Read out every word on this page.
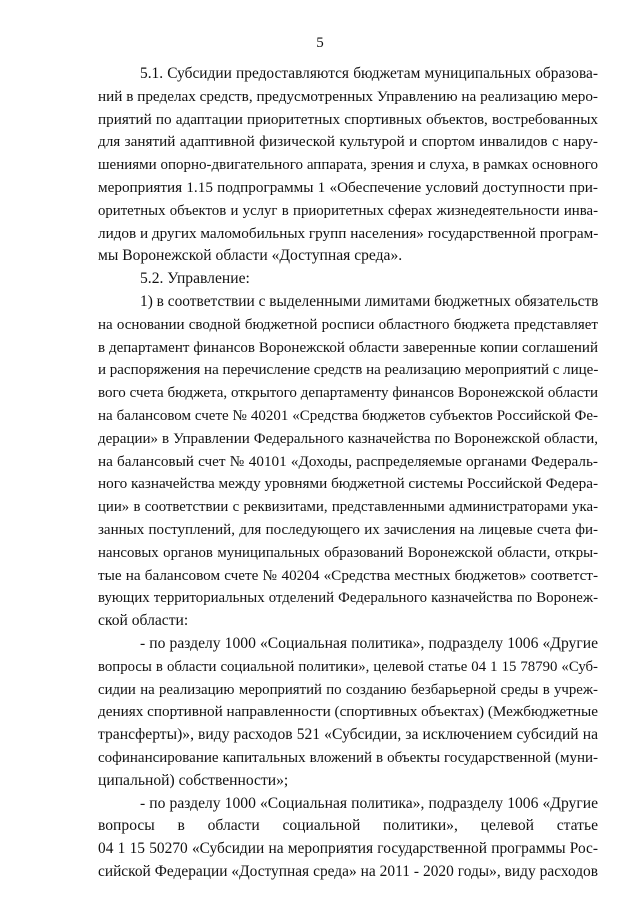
5
5.1. Субсидии предоставляются бюджетам муниципальных образова-
ний в пределах средств, предусмотренных Управлению на реализацию меро-
приятий по адаптации приоритетных спортивных объектов, востребованных
для занятий адаптивной физической культурой и спортом инвалидов с нару-
шениями опорно-двигательного аппарата, зрения и слуха, в рамках основного
мероприятия 1.15 подпрограммы 1 «Обеспечение условий доступности при-
оритетных объектов и услуг в приоритетных сферах жизнедеятельности инва-
лидов и других маломобильных групп населения» государственной програм-
мы Воронежской области «Доступная среда».
5.2. Управление:
1) в соответствии с выделенными лимитами бюджетных обязательств
на основании сводной бюджетной росписи областного бюджета представляет
в департамент финансов Воронежской области заверенные копии соглашений
и распоряжения на перечисление средств на реализацию мероприятий с лице-
вого счета бюджета, открытого департаменту финансов Воронежской области
на балансовом счете № 40201 «Средства бюджетов субъектов Российской Фе-
дерации» в Управлении Федерального казначейства по Воронежской области,
на балансовый счет № 40101 «Доходы, распределяемые органами Федераль-
ного казначейства между уровнями бюджетной системы Российской Федера-
ции» в соответствии с реквизитами, представленными администраторами ука-
занных поступлений, для последующего их зачисления на лицевые счета фи-
нансовых органов муниципальных образований Воронежской области, откры-
тые на балансовом счете № 40204 «Средства местных бюджетов» соответст-
вующих территориальных отделений Федерального казначейства по Воронеж-
ской области:
- по разделу 1000 «Социальная политика», подразделу 1006 «Другие
вопросы в области социальной политики», целевой статье 04 1 15 78790 «Суб-
сидии на реализацию мероприятий по созданию безбарьерной среды в учреж-
дениях спортивной направленности (спортивных объектах) (Межбюджетные
трансферты)», виду расходов 521 «Субсидии, за исключением субсидий на
софинансирование капитальных вложений в объекты государственной (муни-
ципальной) собственности»;
- по разделу 1000 «Социальная политика», подразделу 1006 «Другие
вопросы в области социальной политики», целевой статье
04 1 15 50270 «Субсидии на мероприятия государственной программы Рос-
сийской Федерации «Доступная среда» на 2011 - 2020 годы», виду расходов
